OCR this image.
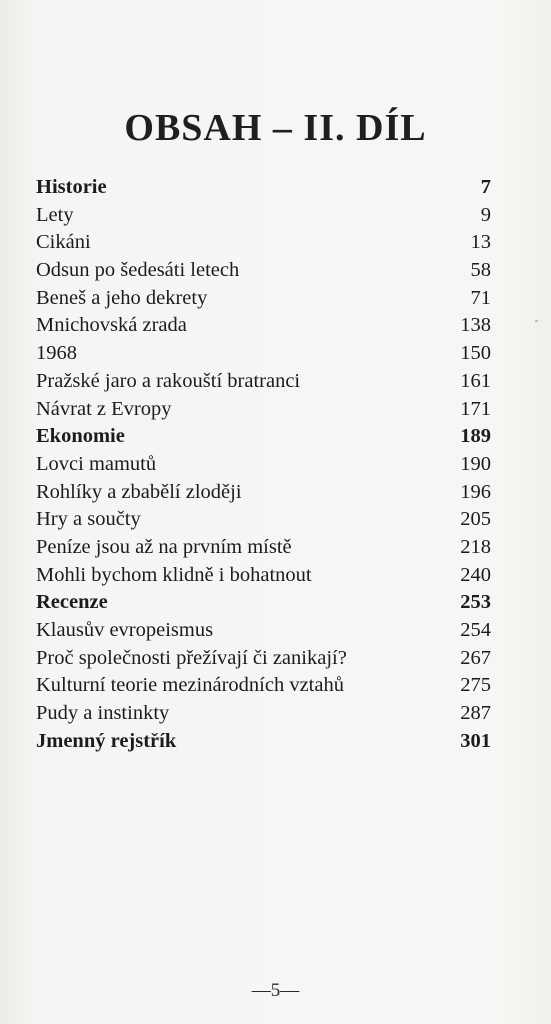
OBSAH – II. DÍL
Historie	7
Lety	9
Cikáni	13
Odsun po šedesáti letech	58
Beneš a jeho dekrety	71
Mnichovská zrada	138
1968	150
Pražské jaro a rakouští bratranci	161
Návrat z Evropy	171
Ekonomie	189
Lovci mamutů	190
Rohlíky a zbabělí zloději	196
Hry a součty	205
Peníze jsou až na prvním místě	218
Mohli bychom klidně i bohatnout	240
Recenze	253
Klausův evropeismus	254
Proč společnosti přežívají či zanikají?	267
Kulturní teorie mezinárodních vztahů	275
Pudy a instinkty	287
Jmenný rejstřík	301
—5—
